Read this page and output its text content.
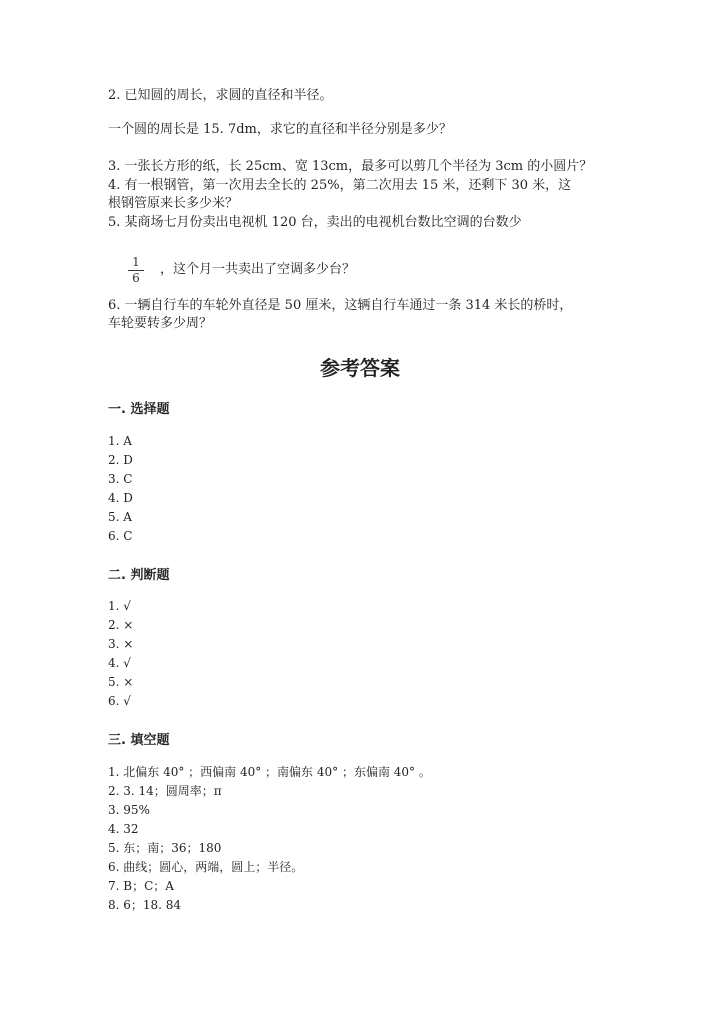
2. 已知圆的周长，求圆的直径和半径。
一个圆的周长是 15. 7dm，求它的直径和半径分别是多少？
3. 一张长方形的纸，长 25cm、宽 13cm，最多可以剪几个半径为 3cm 的小圆片？
4. 有一根钢管，第一次用去全长的 25%，第二次用去 15 米，还剩下 30 米，这
根钢管原来长多少米？
5. 某商场七月份卖出电视机 120 台，卖出的电视机台数比空调的台数少
1
6
，这个月一共卖出了空调多少台？
6. 一辆自行车的车轮外直径是 50 厘米，这辆自行车通过一条 314 米长的桥时，
车轮要转多少周？
参考答案
一. 选择题
1. A
2. D
3. C
4. D
5. A
6. C
二. 判断题
1. √
2. ×
3. ×
4. √
5. ×
6. √
三. 填空题
1. 北偏东 40° ；西偏南 40° ；南偏东 40° ；东偏南 40° 。
2. 3. 14；圆周率；π
3. 95%
4. 32
5. 东；南；36；180
6. 曲线；圆心，两端，圆上；半径。
7. B；C；A
8. 6；18. 84
